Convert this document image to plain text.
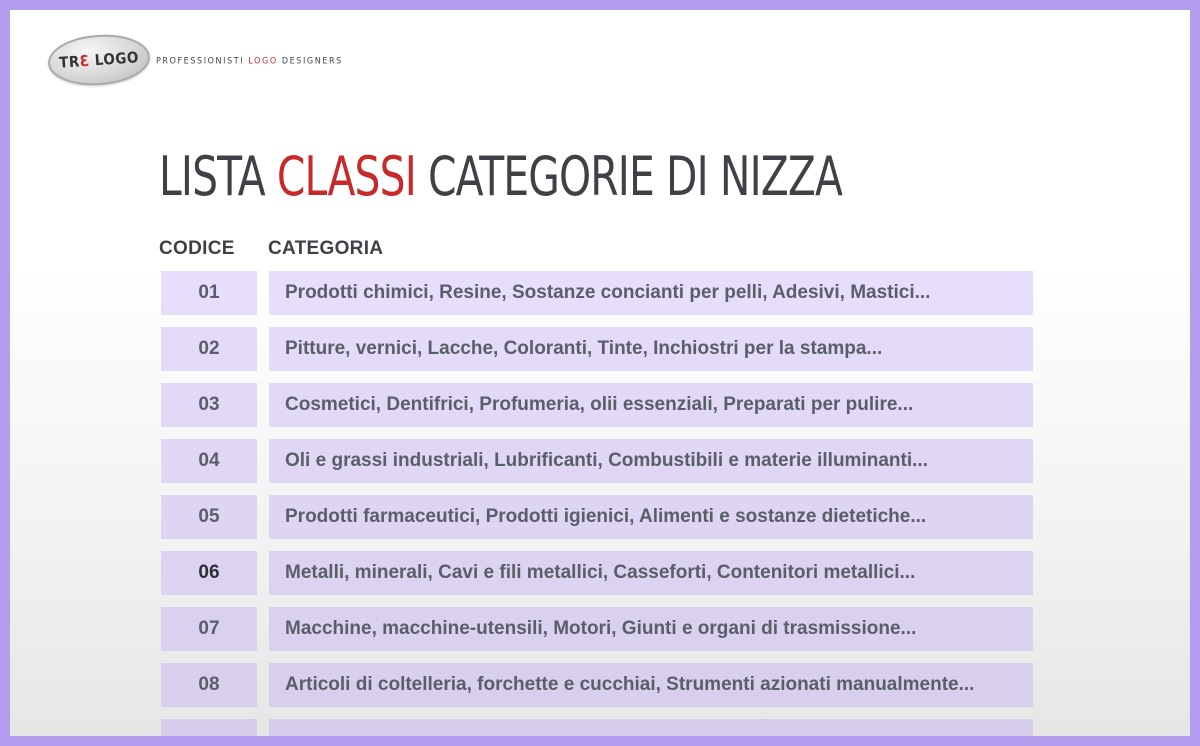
TRƐ LOGO PROFESSIONISTI LOGO DESIGNERS
LISTA CLASSI CATEGORIE DI NIZZA
CODICE CATEGORIA
01	Prodotti chimici, Resine, Sostanze concianti per pelli, Adesivi, Mastici...
02	Pitture, vernici, Lacche, Coloranti, Tinte, Inchiostri per la stampa...
03	Cosmetici, Dentifrici, Profumeria, olii essenziali, Preparati per pulire...
04	Oli e grassi industriali, Lubrificanti, Combustibili e materie illuminanti...
05	Prodotti farmaceutici, Prodotti igienici, Alimenti e sostanze dietetiche...
06	Metalli, minerali, Cavi e fili metallici, Casseforti, Contenitori metallici...
07	Macchine, macchine-utensili, Motori, Giunti e organi di trasmissione...
08	Articoli di coltelleria, forchette e cucchiai, Strumenti azionati manualmente...
